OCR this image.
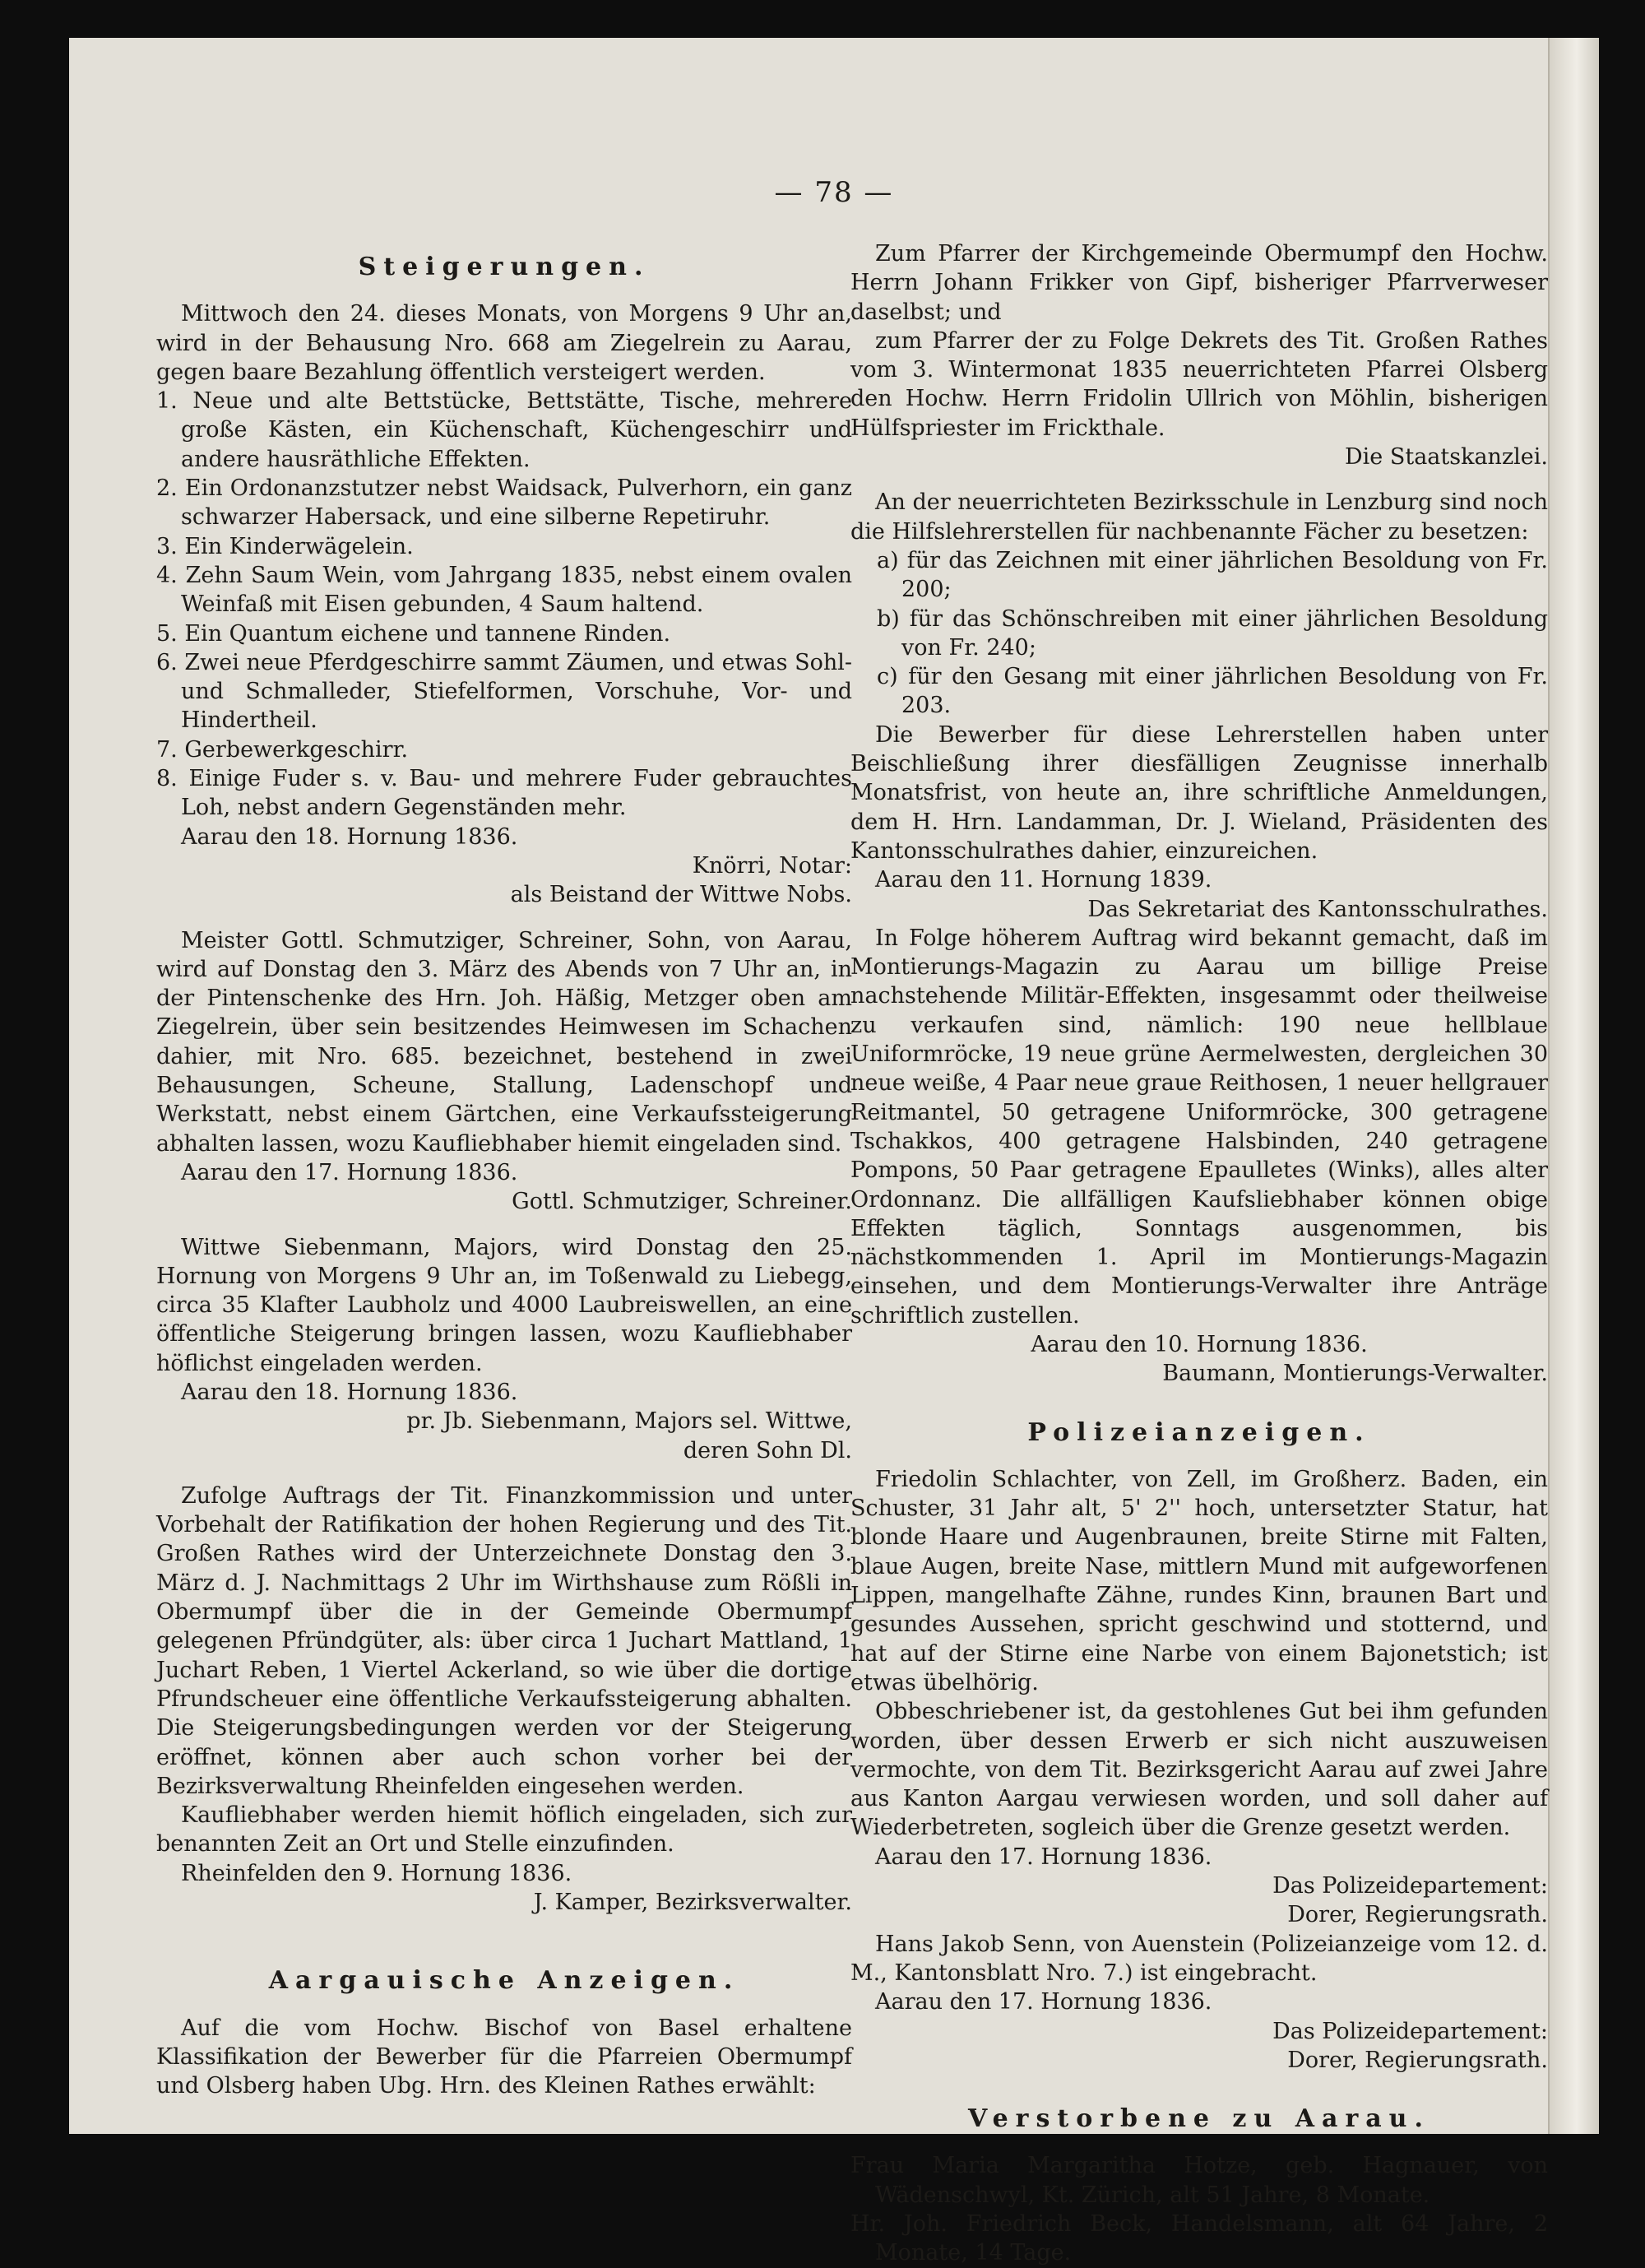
— 78 —

Steigerungen.

Mittwoch den 24. dieses Monats, von Morgens 9 Uhr an, wird in der Behausung Nro. 668 am Ziegelrein zu Aarau, gegen baare Bezahlung öffentlich versteigert werden.

1. Neue und alte Bettstücke, Bettstätte, Tische, mehrere große Kästen, ein Küchenschaft, Küchengeschirr und andere hausräthliche Effekten.

2. Ein Ordonanzstutzer nebst Waidsack, Pulverhorn, ein ganz schwarzer Habersack, und eine silberne Repetiruhr.

3. Ein Kinderwägelein.

4. Zehn Saum Wein, vom Jahrgang 1835, nebst einem ovalen Weinfaß mit Eisen gebunden, 4 Saum haltend.

5. Ein Quantum eichene und tannene Rinden.

6. Zwei neue Pferdgeschirre sammt Zäumen, und etwas Sohl- und Schmalleder, Stiefelformen, Vorschuhe, Vor- und Hindertheil.

7. Gerbewerkgeschirr.

8. Einige Fuder s. v. Bau- und mehrere Fuder gebrauchtes Loh, nebst andern Gegenständen mehr.

Aarau den 18. Hornung 1836.

Knörri, Notar:

als Beistand der Wittwe Nobs.

Meister Gottl. Schmutziger, Schreiner, Sohn, von Aarau, wird auf Donstag den 3. März des Abends von 7 Uhr an, in der Pintenschenke des Hrn. Joh. Häßig, Metzger oben am Ziegelrein, über sein besitzendes Heimwesen im Schachen dahier, mit Nro. 685. bezeichnet, bestehend in zwei Behausungen, Scheune, Stallung, Ladenschopf und Werkstatt, nebst einem Gärtchen, eine Verkaufssteigerung abhalten lassen, wozu Kaufliebhaber hiemit eingeladen sind.

Aarau den 17. Hornung 1836.

Gottl. Schmutziger, Schreiner.

Wittwe Siebenmann, Majors, wird Donstag den 25. Hornung von Morgens 9 Uhr an, im Toßenwald zu Liebegg, circa 35 Klafter Laubholz und 4000 Laubreiswellen, an eine öffentliche Steigerung bringen lassen, wozu Kaufliebhaber höflichst eingeladen werden.

Aarau den 18. Hornung 1836.

pr. Jb. Siebenmann, Majors sel. Wittwe,

deren Sohn Dl.

Zufolge Auftrags der Tit. Finanzkommission und unter Vorbehalt der Ratifikation der hohen Regierung und des Tit. Großen Rathes wird der Unterzeichnete Donstag den 3. März d. J. Nachmittags 2 Uhr im Wirthshause zum Rößli in Obermumpf über die in der Gemeinde Obermumpf gelegenen Pfründgüter, als: über circa 1 Juchart Mattland, 1 Juchart Reben, 1 Viertel Ackerland, so wie über die dortige Pfrundscheuer eine öffentliche Verkaufssteigerung abhalten. Die Steigerungsbedingungen werden vor der Steigerung eröffnet, können aber auch schon vorher bei der Bezirksverwaltung Rheinfelden eingesehen werden.

Kaufliebhaber werden hiemit höflich eingeladen, sich zur benannten Zeit an Ort und Stelle einzufinden.

Rheinfelden den 9. Hornung 1836.

J. Kamper, Bezirksverwalter.

Aargauische Anzeigen.

Auf die vom Hochw. Bischof von Basel erhaltene Klassifikation der Bewerber für die Pfarreien Obermumpf und Olsberg haben Ubg. Hrn. des Kleinen Rathes erwählt:

Zum Pfarrer der Kirchgemeinde Obermumpf den Hochw. Herrn Johann Frikker von Gipf, bisheriger Pfarrverweser daselbst; und

zum Pfarrer der zu Folge Dekrets des Tit. Großen Rathes vom 3. Wintermonat 1835 neuerrichteten Pfarrei Olsberg den Hochw. Herrn Fridolin Ullrich von Möhlin, bisherigen Hülfspriester im Frickthale.

Die Staatskanzlei.

An der neuerrichteten Bezirksschule in Lenzburg sind noch die Hilfslehrerstellen für nachbenannte Fächer zu besetzen:

a) für das Zeichnen mit einer jährlichen Besoldung von Fr. 200;

b) für das Schönschreiben mit einer jährlichen Besoldung von Fr. 240;

c) für den Gesang mit einer jährlichen Besoldung von Fr. 203.

Die Bewerber für diese Lehrerstellen haben unter Beischließung ihrer diesfälligen Zeugnisse innerhalb Monatsfrist, von heute an, ihre schriftliche Anmeldungen, dem H. Hrn. Landamman, Dr. J. Wieland, Präsidenten des Kantonsschulrathes dahier, einzureichen.

Aarau den 11. Hornung 1839.

Das Sekretariat des Kantonsschulrathes.

In Folge höherem Auftrag wird bekannt gemacht, daß im Montierungs-Magazin zu Aarau um billige Preise nachstehende Militär-Effekten, insgesammt oder theilweise zu verkaufen sind, nämlich: 190 neue hellblaue Uniformröcke, 19 neue grüne Aermelwesten, dergleichen 30 neue weiße, 4 Paar neue graue Reithosen, 1 neuer hellgrauer Reitmantel, 50 getragene Uniformröcke, 300 getragene Tschakkos, 400 getragene Halsbinden, 240 getragene Pompons, 50 Paar getragene Epaulletes (Winks), alles alter Ordonnanz. Die allfälligen Kaufsliebhaber können obige Effekten täglich, Sonntags ausgenommen, bis nächstkommenden 1. April im Montierungs-Magazin einsehen, und dem Montierungs-Verwalter ihre Anträge schriftlich zustellen.

Aarau den 10. Hornung 1836.

Baumann, Montierungs-Verwalter.

Polizeianzeigen.

Friedolin Schlachter, von Zell, im Großherz. Baden, ein Schuster, 31 Jahr alt, 5' 2'' hoch, untersetzter Statur, hat blonde Haare und Augenbraunen, breite Stirne mit Falten, blaue Augen, breite Nase, mittlern Mund mit aufgeworfenen Lippen, mangelhafte Zähne, rundes Kinn, braunen Bart und gesundes Aussehen, spricht geschwind und stotternd, und hat auf der Stirne eine Narbe von einem Bajonetstich; ist etwas übelhörig.

Obbeschriebener ist, da gestohlenes Gut bei ihm gefunden worden, über dessen Erwerb er sich nicht auszuweisen vermochte, von dem Tit. Bezirksgericht Aarau auf zwei Jahre aus Kanton Aargau verwiesen worden, und soll daher auf Wiederbetreten, sogleich über die Grenze gesetzt werden.

Aarau den 17. Hornung 1836.

Das Polizeidepartement:

Dorer, Regierungsrath.

Hans Jakob Senn, von Auenstein (Polizeianzeige vom 12. d. M., Kantonsblatt Nro. 7.) ist eingebracht.

Aarau den 17. Hornung 1836.

Das Polizeidepartement:

Dorer, Regierungsrath.

Verstorbene zu Aarau.

Frau Maria Margaritha Hotze, geb. Hagnauer, von Wädenschwyl, Kt. Zürich, alt 51 Jahre, 8 Monate.

Hr. Joh. Friedrich Beck, Handelsmann, alt 64 Jahre, 2 Monate, 14 Tage.
